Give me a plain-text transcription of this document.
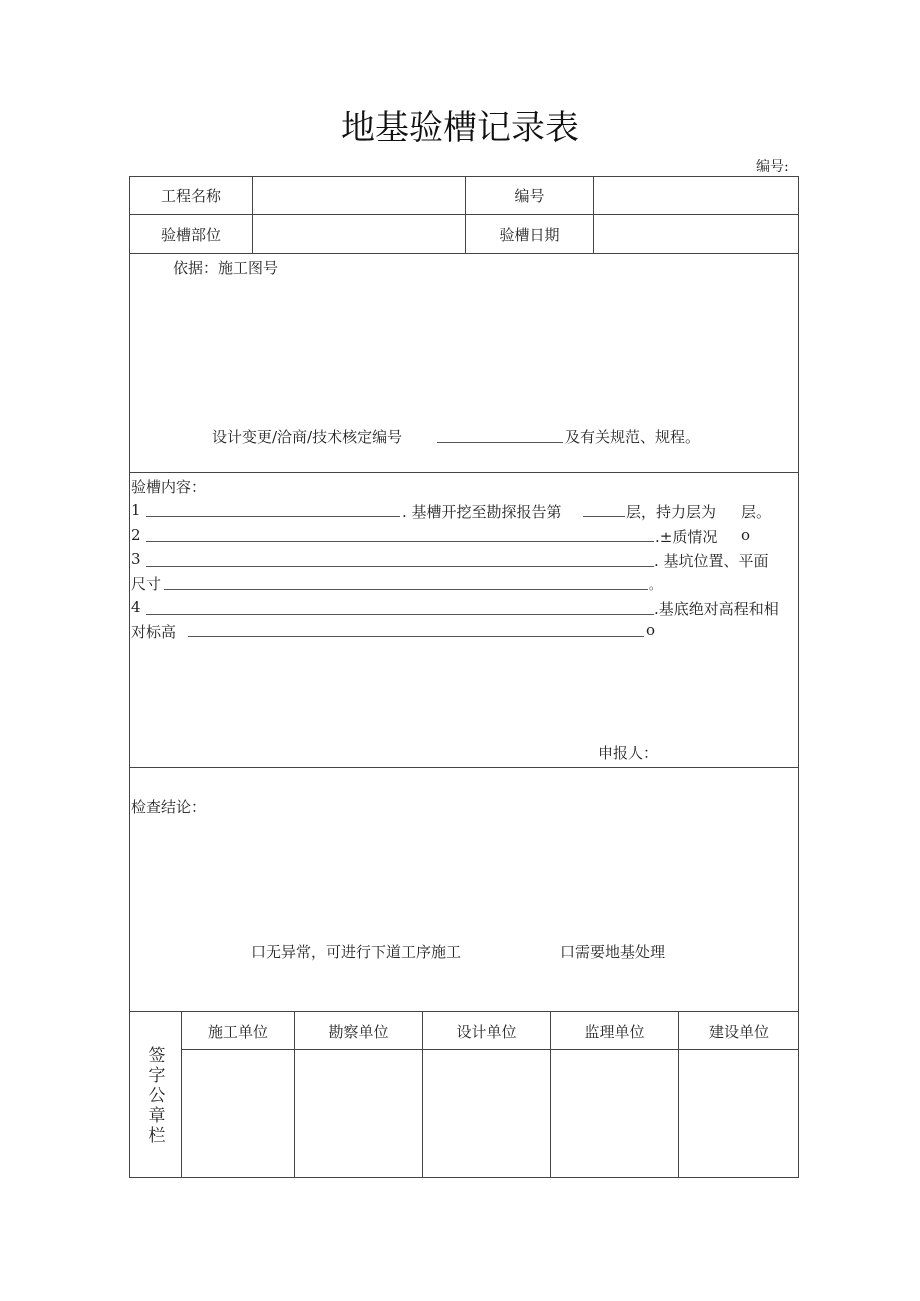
地基验槽记录表
编号:
工程名称	编号
验槽部位	验槽日期
依据：施工图号
设计变更/洽商/技术核定编号	及有关规范、规程。
验槽内容：
1	. 基槽开挖至勘探报告第	层，持力层为 层。
2	.±质情况 o
3	. 基坑位置、平面
尺寸	。
4	.基底绝对高程和相
对标高	o
申报人：
检查结论：
口无异常，可进行下道工序施工	口需要地基处理
签
字
公
章
栏
施工单位	勘察单位	设计单位	监理单位	建设单位
